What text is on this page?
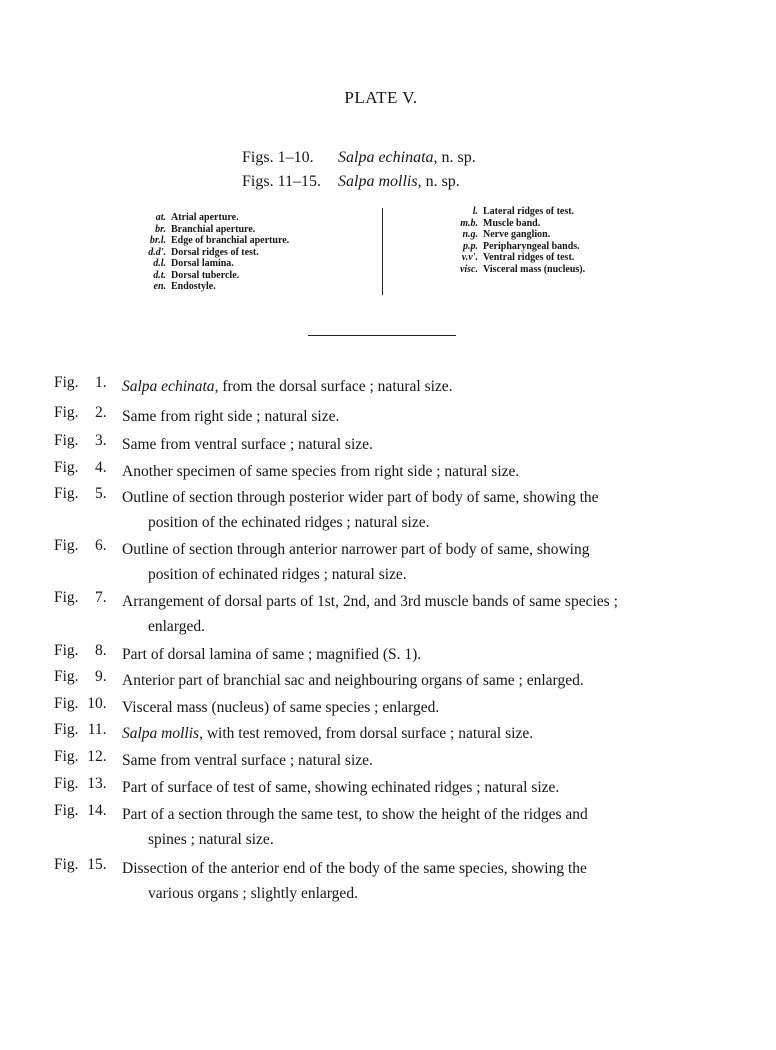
PLATE V.
Figs. 1–10. Salpa echinata, n. sp.
Figs. 11–15. Salpa mollis, n. sp.
at. Atrial aperture.
br. Branchial aperture.
br.l. Edge of branchial aperture.
d.d'. Dorsal ridges of test.
d.l. Dorsal lamina.
d.t. Dorsal tubercle.
en. Endostyle.
l. Lateral ridges of test.
m.b. Muscle band.
n.g. Nerve ganglion.
p.p. Peripharyngeal bands.
v.v'. Ventral ridges of test.
visc. Visceral mass (nucleus).
Fig. 1. Salpa echinata, from the dorsal surface ; natural size.
Fig. 2. Same from right side ; natural size.
Fig. 3. Same from ventral surface ; natural size.
Fig. 4. Another specimen of same species from right side ; natural size.
Fig. 5. Outline of section through posterior wider part of body of same, showing the
position of the echinated ridges ; natural size.
Fig. 6. Outline of section through anterior narrower part of body of same, showing
position of echinated ridges ; natural size.
Fig. 7. Arrangement of dorsal parts of 1st, 2nd, and 3rd muscle bands of same species ;
enlarged.
Fig. 8. Part of dorsal lamina of same ; magnified (S. 1).
Fig. 9. Anterior part of branchial sac and neighbouring organs of same ; enlarged.
Fig. 10. Visceral mass (nucleus) of same species ; enlarged.
Fig. 11. Salpa mollis, with test removed, from dorsal surface ; natural size.
Fig. 12. Same from ventral surface ; natural size.
Fig. 13. Part of surface of test of same, showing echinated ridges ; natural size.
Fig. 14. Part of a section through the same test, to show the height of the ridges and
spines ; natural size.
Fig. 15. Dissection of the anterior end of the body of the same species, showing the
various organs ; slightly enlarged.
